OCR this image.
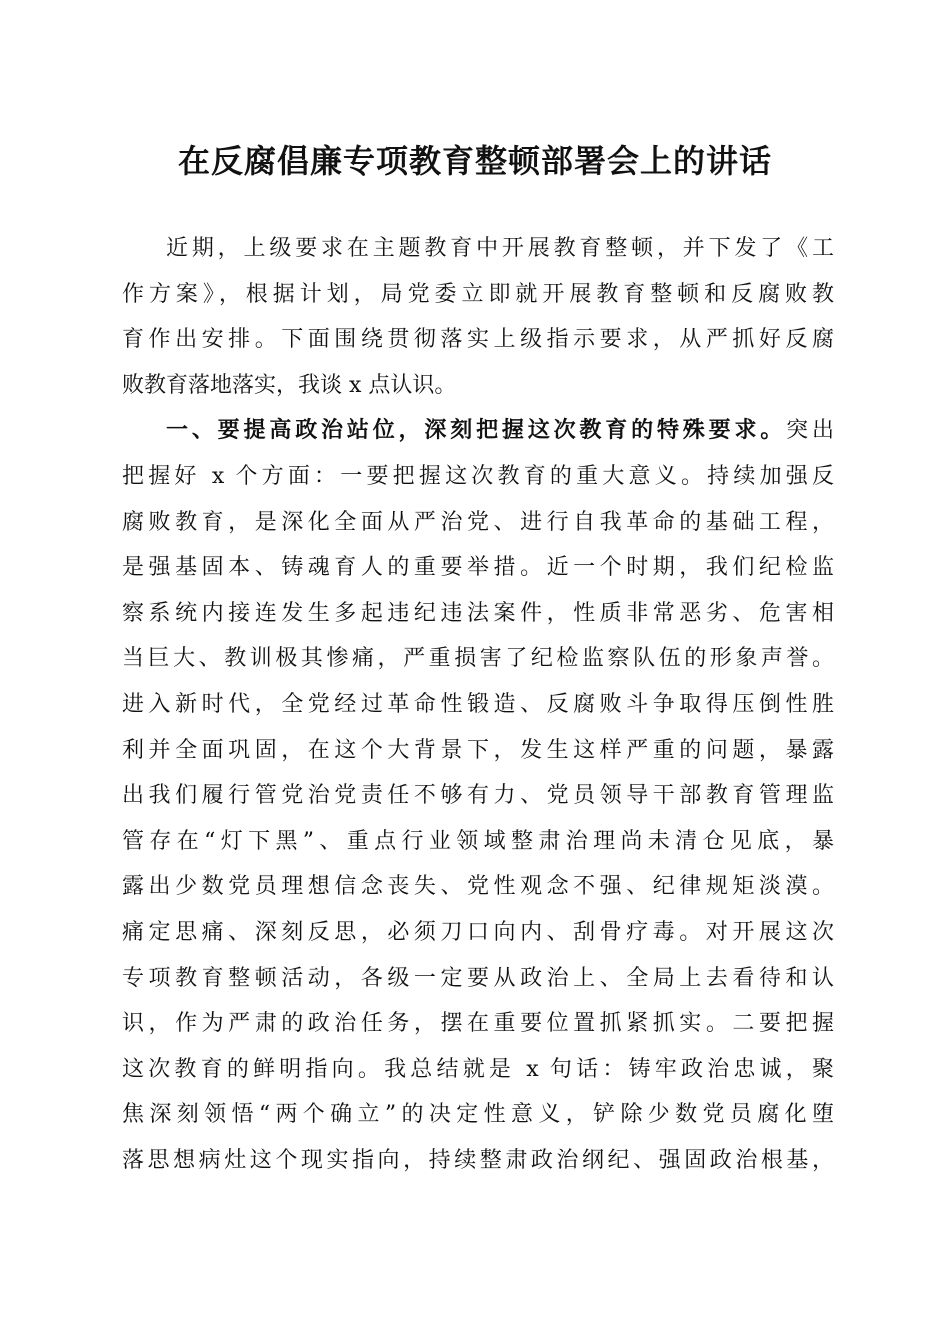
在反腐倡廉专项教育整顿部署会上的讲话
近期，上级要求在主题教育中开展教育整顿，并下发了《工
作方案》，根据计划，局党委立即就开展教育整顿和反腐败教
育作出安排。下面围绕贯彻落实上级指示要求，从严抓好反腐
败教育落地落实，我谈 x 点认识。
一、要提高政治站位，深刻把握这次教育的特殊要求。突出
把握好 x 个方面：一要把握这次教育的重大意义。持续加强反
腐败教育，是深化全面从严治党、进行自我革命的基础工程，
是强基固本、铸魂育人的重要举措。近一个时期，我们纪检监
察系统内接连发生多起违纪违法案件，性质非常恶劣、危害相
当巨大、教训极其惨痛，严重损害了纪检监察队伍的形象声誉。
进入新时代，全党经过革命性锻造、反腐败斗争取得压倒性胜
利并全面巩固，在这个大背景下，发生这样严重的问题，暴露
出我们履行管党治党责任不够有力、党员领导干部教育管理监
管存在“灯下黑”、重点行业领域整肃治理尚未清仓见底，暴
露出少数党员理想信念丧失、党性观念不强、纪律规矩淡漠。
痛定思痛、深刻反思，必须刀口向内、刮骨疗毒。对开展这次
专项教育整顿活动，各级一定要从政治上、全局上去看待和认
识，作为严肃的政治任务，摆在重要位置抓紧抓实。二要把握
这次教育的鲜明指向。我总结就是 x 句话：铸牢政治忠诚，聚
焦深刻领悟“两个确立”的决定性意义，铲除少数党员腐化堕
落思想病灶这个现实指向，持续整肃政治纲纪、强固政治根基，
